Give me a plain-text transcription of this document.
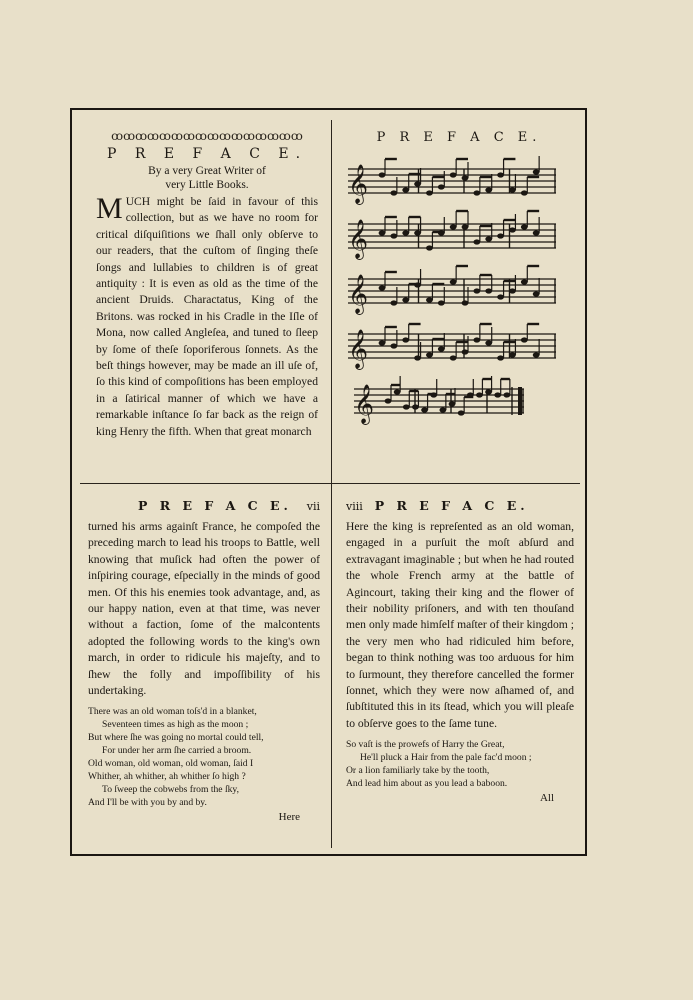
ꝏꝏꝏꝏꝏꝏꝏꝏꝏꝏꝏꝏꝏꝏꝏꝏ
P R E F A C E.
By a very Great Writer of
very Little Books.
MUCH might be ſaid in favour of this collection, but as we have no room for critical diſquiſitions we ſhall only obſerve to our readers, that the cuſtom of ſinging theſe ſongs and lullabies to children is of great antiquity : It is even as old as the time of the ancient Druids. Charactatus, King of the Britons. was rocked in his Cradle in the Iſle of Mona, now called Angleſea, and tuned to ſleep by ſome of theſe ſoporiferous ſonnets. As the beſt things however, may be made an ill uſe of, ſo this kind of compoſitions has been employed in a ſatirical manner of which we have a remarkable inſtance ſo far back as the reign of king Henry the fifth. When that great monarch
P R E F A C E.
𝄞
𝄞
𝄞
𝄞
𝄞
P R E F A C E. vii
turned his arms againſt France, he compoſed the preceding march to lead his troops to Battle, well knowing that muſick had often the power of inſpiring courage, eſpecially in the minds of good men. Of this his enemies took advantage, and, as our happy nation, even at that time, was never without a faction, ſome of the malcontents adopted the following words to the king's own march, in order to ridicule his majeſty, and to ſhew the folly and impoſſibility of his undertaking.
There was an old woman toſs'd in a blanket,
Seventeen times as high as the moon ;
But where ſhe was going no mortal could tell,
For under her arm ſhe carried a broom.
Old woman, old woman, old woman, ſaid I
Whither, ah whither, ah whither ſo high ?
To ſweep the cobwebs from the ſky,
And I'll be with you by and by.
Here
viii P R E F A C E.
Here the king is repreſented as an old woman, engaged in a purſuit the moſt abſurd and extravagant imaginable ; but when he had routed the whole French army at the battle of Agincourt, taking their king and the flower of their nobility priſoners, and with ten thouſand men only made himſelf maſter of their kingdom ; the very men who had ridiculed him before, began to think nothing was too arduous for him to ſurmount, they therefore cancelled the former ſonnet, which they were now aſhamed of, and ſubſtituted this in its ſtead, which you will pleaſe to obſerve goes to the ſame tune.
So vaſt is the prowefs of Harry the Great,
He'll pluck a Hair from the pale fac'd moon ;
Or a lion familiarly take by the tooth,
And lead him about as you lead a baboon.
All
